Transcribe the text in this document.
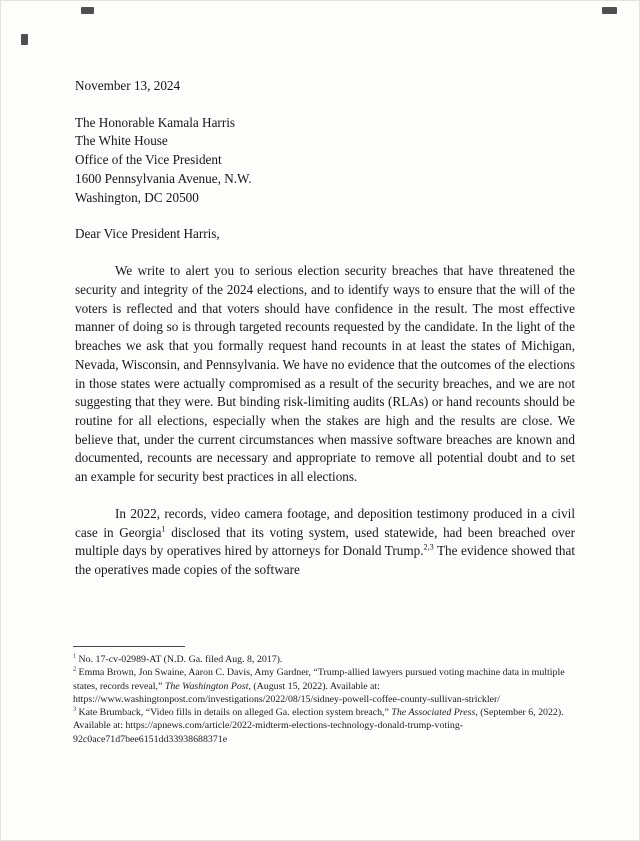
November 13, 2024
The Honorable Kamala Harris
The White House
Office of the Vice President
1600 Pennsylvania Avenue, N.W.
Washington, DC 20500
Dear Vice President Harris,

We write to alert you to serious election security breaches that have threatened the security and integrity of the 2024 elections, and to identify ways to ensure that the will of the voters is reflected and that voters should have confidence in the result. The most effective manner of doing so is through targeted recounts requested by the candidate. In the light of the breaches we ask that you formally request hand recounts in at least the states of Michigan, Nevada, Wisconsin, and Pennsylvania. We have no evidence that the outcomes of the elections in those states were actually compromised as a result of the security breaches, and we are not suggesting that they were. But binding risk-limiting audits (RLAs) or hand recounts should be routine for all elections, especially when the stakes are high and the results are close. We believe that, under the current circumstances when massive software breaches are known and documented, recounts are necessary and appropriate to remove all potential doubt and to set an example for security best practices in all elections.

In 2022, records, video camera footage, and deposition testimony produced in a civil case in Georgia$^1$ disclosed that its voting system, used statewide, had been breached over multiple days by operatives hired by attorneys for Donald Trump.$^{2,3}$ The evidence showed that the operatives made copies of the software

$^1$ No. 17-cv-02989-AT (N.D. Ga. filed Aug. 8, 2017).
$^2$ Emma Brown, Jon Swaine, Aaron C. Davis, Amy Gardner, “Trump-allied lawyers pursued voting machine data in multiple states, records reveal,” The Washington Post, (August 15, 2022). Available at: https://www.washingtonpost.com/investigations/2022/08/15/sidney-powell-coffee-county-sullivan-strickler/
$^3$ Kate Brumback, “Video fills in details on alleged Ga. election system breach,” The Associated Press, (September 6, 2022). Available at: https://apnews.com/article/2022-midterm-elections-technology-donald-trump-voting-92c0ace71d7bee6151dd33938688371e
